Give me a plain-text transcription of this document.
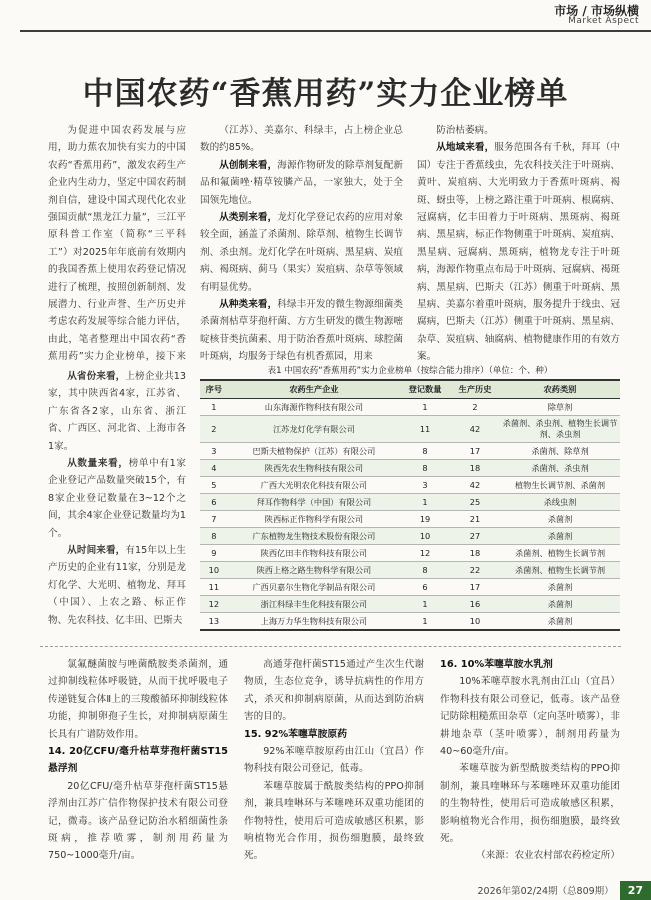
市场 / 市场纵横
Market Aspect
中国农药“香蕉用药”实力企业榜单

为促进中国农药发展与应用，助力蕉农加快有实力的中国农药“香蕉用药”，激发农药生产企业内生动力，坚定中国农药制剂自信，建设中国式现代化农业强国贡献“黑龙江力量”，三江平原科普工作室（简称“三平科工”）对2025年年底前有效期内的我国香蕉上使用农药登记情况进行了梳理，按照创新制剂、发展潜力、行业声誉、生产历史并考虑农药发展等综合能力评估，由此，笔者整理出中国农药“香蕉用药”实力企业榜单，接下来

（江苏）、美嘉尔、科绿丰，占上榜企业总数的约85%。

从创制来看，海源作物研发的除草剂复配新品和氟菌唑·精草铵膦产品，一家独大，处于全国领先地位。

从类别来看，龙灯化学登记农药的应用对象较全面，涵盖了杀菌剂、除草剂、植物生长调节剂、杀虫剂。龙灯化学在叶斑病、黑星病、炭疽病、褐斑病、蓟马（果实）炭疽病、杂草等领域有明显优势。

从种类来看，科绿丰开发的微生物源细菌类杀菌剂枯草芽孢杆菌、方方生研发的微生物源嘧啶核苷类抗菌素、用于防治香蕉叶斑病、球腔菌叶斑病，均服务于绿色有机香蕉园，用来

防治枯萎病。

从地域来看，服务范围各有千秋，拜耳（中国）专注于香蕉线虫，先农科技关注于叶斑病、黄叶、炭疽病、大光明致力于香蕉叶斑病、褐斑、蚜虫等，上榜之路注重于叶斑病、根腐病、冠腐病，亿丰田着力于叶斑病、黑斑病、褐斑病、黑星病，标正作物侧重于叶斑病、炭疽病、黑星病、冠腐病、黑斑病，植物龙专注于叶斑病，海源作物重点布局于叶斑病、冠腐病、褐斑病、黑星病、巴斯夫（江苏）侧重于叶斑病、黑星病、美嘉尔着重叶斑病，服务提升于线虫、冠腐病，巴斯夫（江苏）侧重于叶斑病、黑星病、杂草、炭疽病、轴腐病、植物健康作用的有效方案。

从省份来看，上榜企业共13家，其中陕西省4家，江苏省、广东省各2家，山东省、浙江省、广西区、河北省、上海市各1家。

从数量来看，榜单中有1家企业登记产品数量突破15个，有8家企业登记数量在3~12个之间，其余4家企业登记数量均为1个。

从时间来看，有15年以上生产历史的企业有11家，分别是龙灯化学、大光明、植物龙、拜耳（中国）、上农之路、标正作物、先农科技、亿丰田、巴斯夫

表1 中国农药“香蕉用药”实力企业榜单（按综合能力排序）（单位：个、种）
序号	农药生产企业	登记数量	生产历史	农药类别
1	山东海源作物科技有限公司	1	2	除草剂
2	江苏龙灯化学有限公司	11	42	杀菌剂、杀虫剂、植物生长调节剂、杀虫剂
3	巴斯夫植物保护（江苏）有限公司	8	17	杀菌剂、除草剂
4	陕西先农生物科技有限公司	8	18	杀菌剂、杀虫剂
5	广西大光明农化科技有限公司	3	42	植物生长调节剂、杀菌剂
6	拜耳作物科学（中国）有限公司	1	25	杀线虫剂
7	陕西标正作物科学有限公司	19	21	杀菌剂
8	广东植物龙生物技术股份有限公司	10	27	杀菌剂
9	陕西亿田丰作物科技有限公司	12	18	杀菌剂、植物生长调节剂
10	陕西上格之路生物科学有限公司	8	22	杀菌剂、植物生长调节剂
11	广西贝嘉尔生物化学制品有限公司	6	17	杀菌剂
12	浙江科绿丰生化科技有限公司	1	16	杀菌剂
13	上海万力华生物科技有限公司	1	10	杀菌剂

氯氟醚菌胺与唑菌酰胺类杀菌剂，通过抑制线粒体呼吸链，从而干扰呼吸电子传递链复合体Ⅱ上的三羧酸循环抑制线粒体功能，抑制卵孢子生长，对抑制病原菌生长具有广谱防效作用。

14. 20亿CFU/毫升枯草芽孢杆菌ST15悬浮剂

20亿CFU/毫升枯草芽孢杆菌ST15悬浮剂由江苏广信作物保护技术有限公司登记，微毒。该产品登记防治水稻细菌性条斑病，推荐喷雾，制剂用药量为750~1000毫升/亩。

高通芽孢杆菌ST15通过产生次生代谢物质，生态位竞争，诱导抗病性的作用方式，杀灭和抑制病原菌，从而达到防治病害的目的。

15. 92%苯噻草胺原药

92%苯噻草胺原药由江山（宜昌）作物科技有限公司登记，低毒。

苯噻草胺属于酰胺类结构的PPO抑制剂，兼具喹啉环与苯噻唑环双重功能团的作物特性，使用后可造成敏感区积累，影响植物光合作用，损伤细胞膜，最终致死。

16. 10%苯噻草胺水乳剂

10%苯噻草胺水乳剂由江山（宜昌）作物科技有限公司登记，低毒。该产品登记防除粗糙蕉田杂草（定向茎叶喷雾），非耕地杂草（茎叶喷雾），制剂用药量为40~60毫升/亩。

苯噻草胺为新型酰胺类结构的PPO抑制剂，兼具喹啉环与苯噻唑环双重功能团的生物特性，使用后可造成敏感区积累，影响植物光合作用，损伤细胞膜，最终致死。

（来源：农业农村部农药检定所）

2026年第02/24期（总809期）	27
